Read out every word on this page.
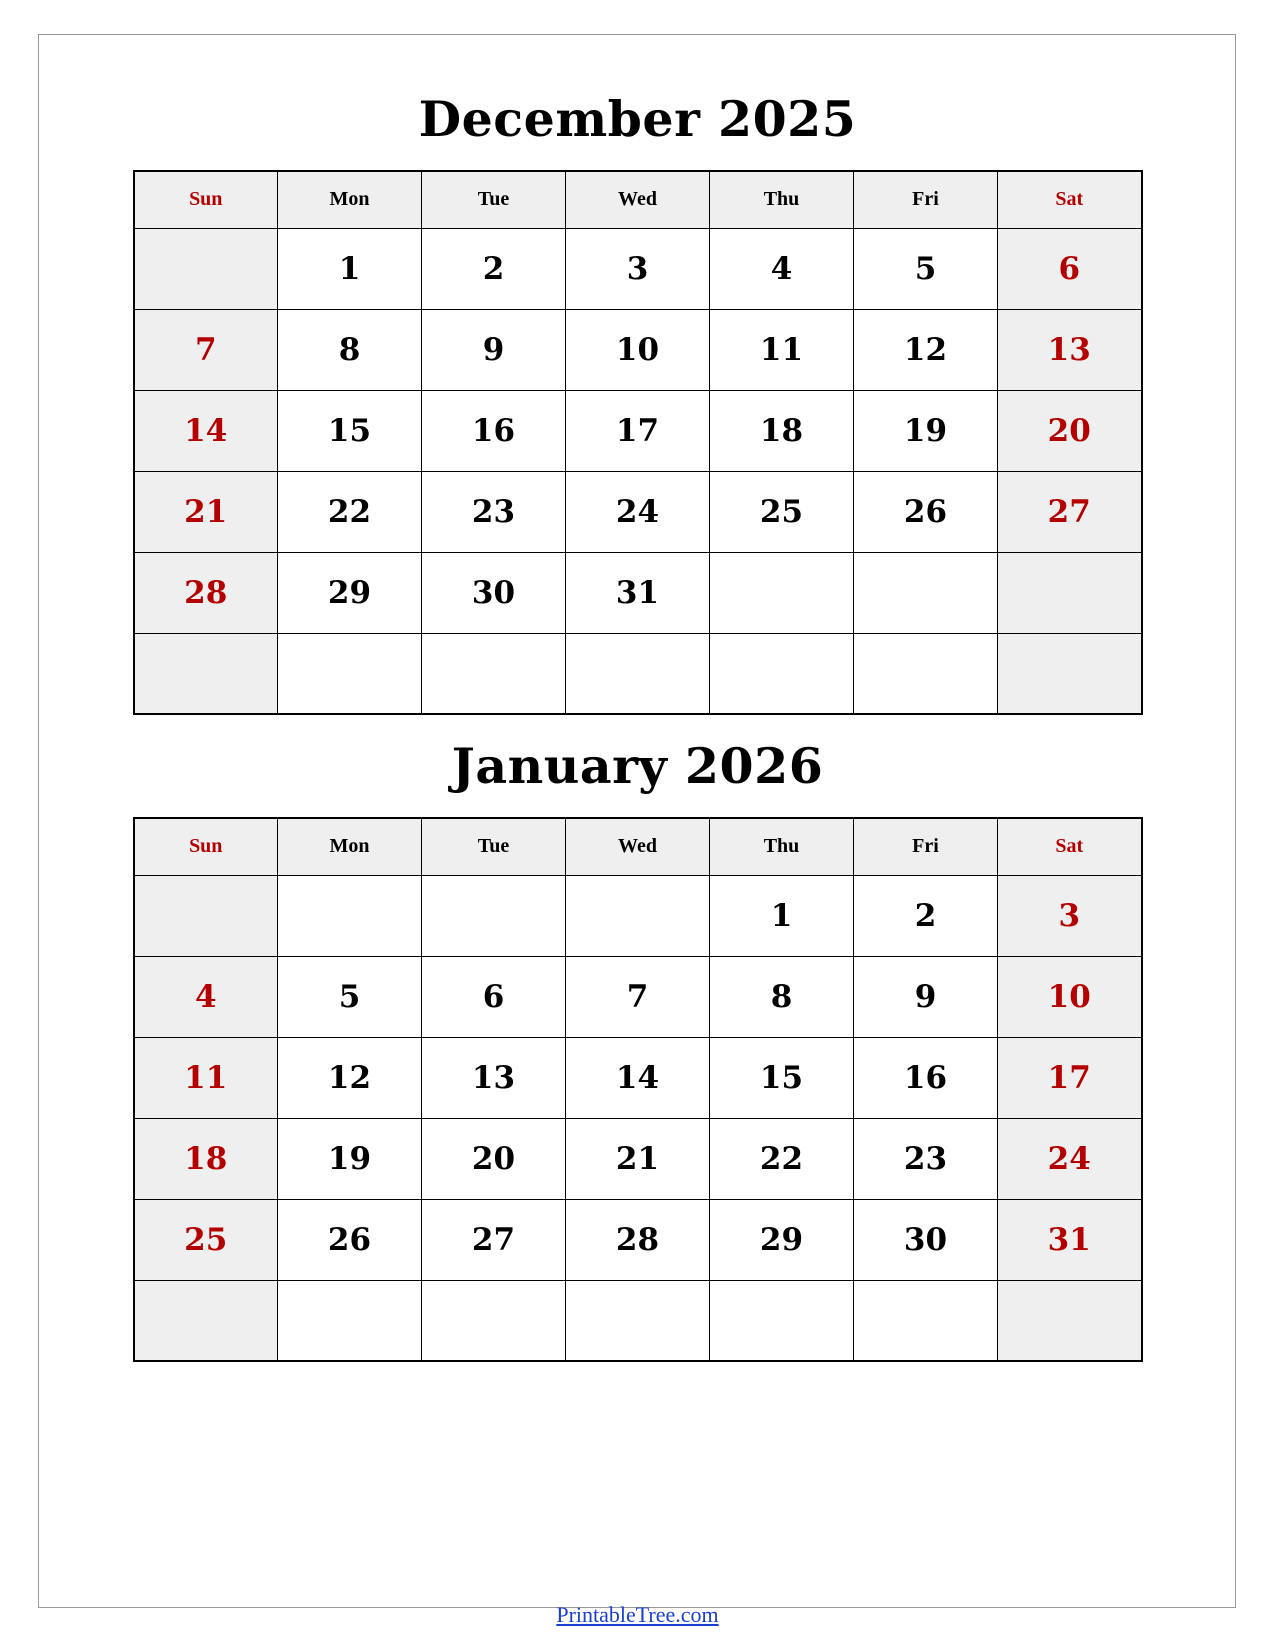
December 2025
Sun	Mon	Tue	Wed	Thu	Fri	Sat
	1	2	3	4	5	6
7	8	9	10	11	12	13
14	15	16	17	18	19	20
21	22	23	24	25	26	27
28	29	30	31			

January 2026
Sun	Mon	Tue	Wed	Thu	Fri	Sat
				1	2	3
4	5	6	7	8	9	10
11	12	13	14	15	16	17
18	19	20	21	22	23	24
25	26	27	28	29	30	31

PrintableTree.com
